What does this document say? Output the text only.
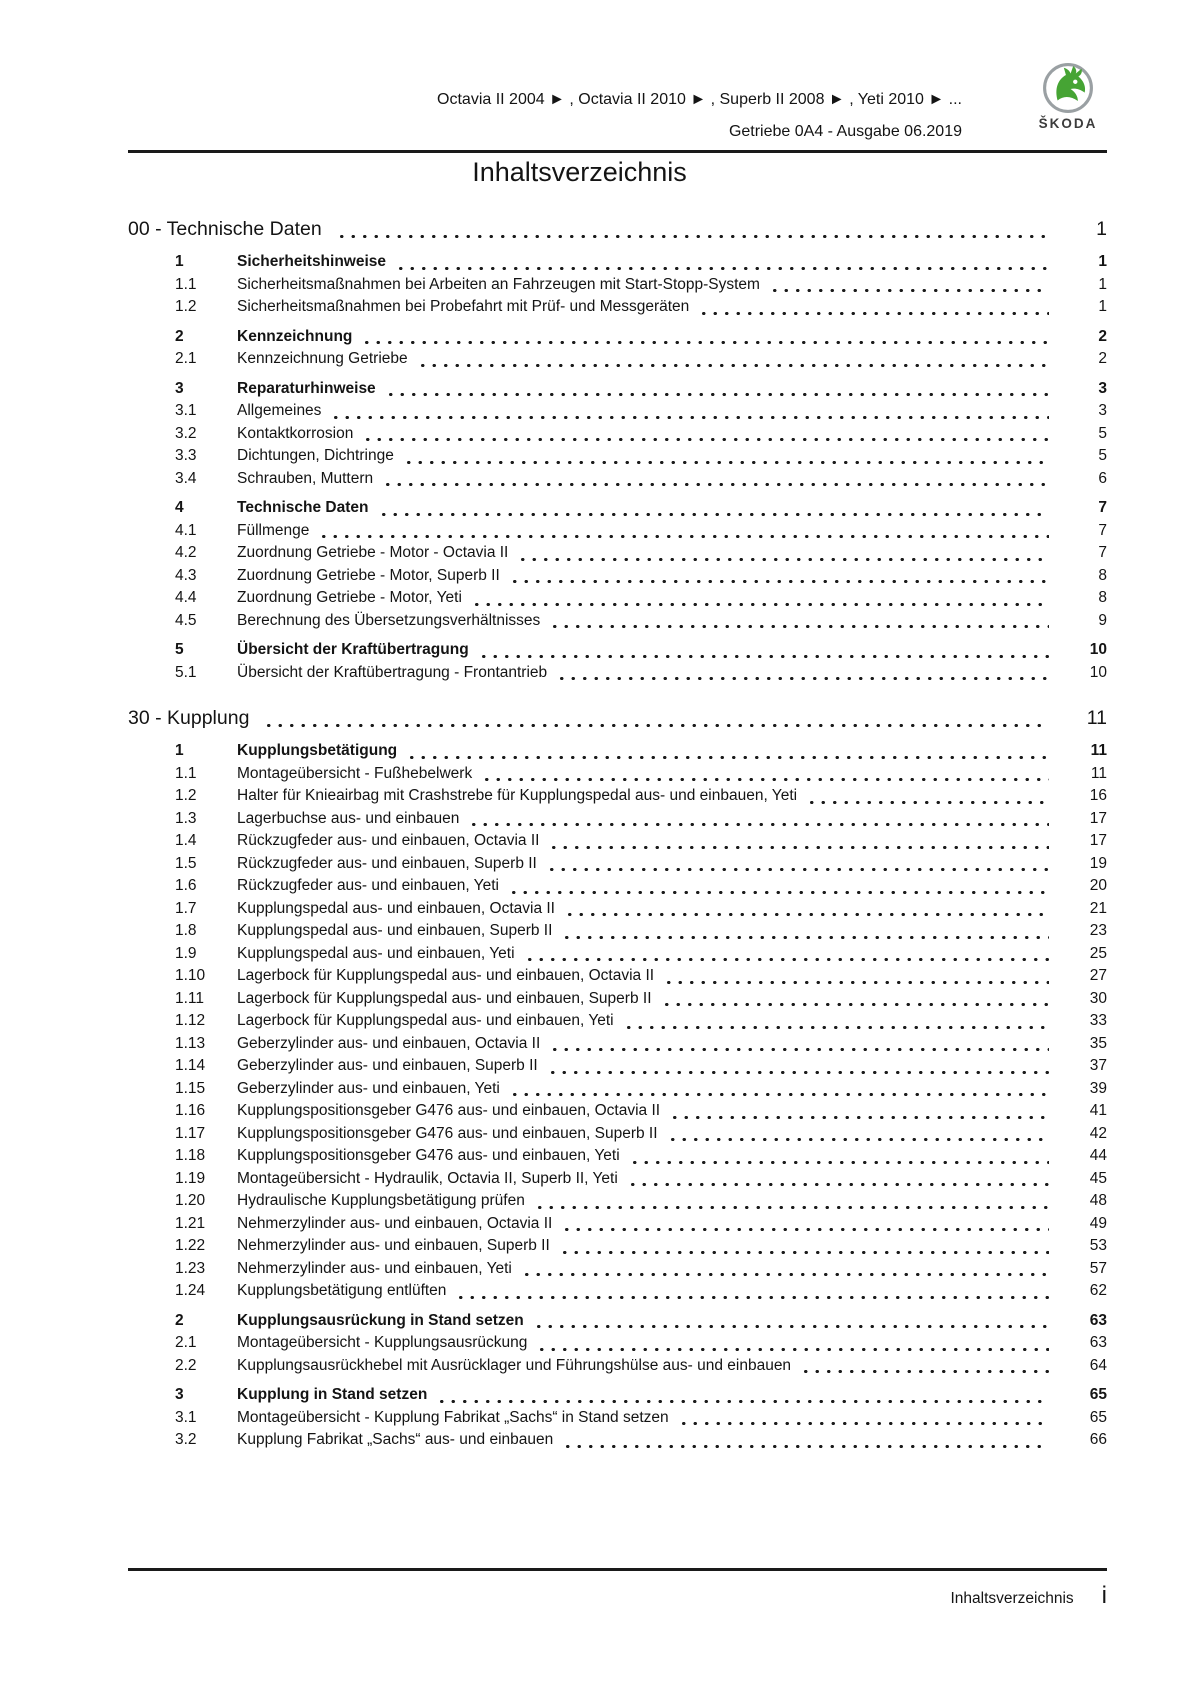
Octavia II 2004 ► , Octavia II 2010 ► , Superb II 2008 ► , Yeti 2010 ► ...
Getriebe 0A4 - Ausgabe 06.2019	ŠKODA
Inhaltsverzeichnis
00 - Technische Daten	1
1	Sicherheitshinweise	1
1.1	Sicherheitsmaßnahmen bei Arbeiten an Fahrzeugen mit Start-Stopp-System	1
1.2	Sicherheitsmaßnahmen bei Probefahrt mit Prüf- und Messgeräten	1
2	Kennzeichnung	2
2.1	Kennzeichnung Getriebe	2
3	Reparaturhinweise	3
3.1	Allgemeines	3
3.2	Kontaktkorrosion	5
3.3	Dichtungen, Dichtringe	5
3.4	Schrauben, Muttern	6
4	Technische Daten	7
4.1	Füllmenge	7
4.2	Zuordnung Getriebe - Motor - Octavia II	7
4.3	Zuordnung Getriebe - Motor, Superb II	8
4.4	Zuordnung Getriebe - Motor, Yeti	8
4.5	Berechnung des Übersetzungsverhältnisses	9
5	Übersicht der Kraftübertragung	10
5.1	Übersicht der Kraftübertragung - Frontantrieb	10
30 - Kupplung	11
1	Kupplungsbetätigung	11
1.1	Montageübersicht - Fußhebelwerk	11
1.2	Halter für Knieairbag mit Crashstrebe für Kupplungspedal aus- und einbauen, Yeti	16
1.3	Lagerbuchse aus- und einbauen	17
1.4	Rückzugfeder aus- und einbauen, Octavia II	17
1.5	Rückzugfeder aus- und einbauen, Superb II	19
1.6	Rückzugfeder aus- und einbauen, Yeti	20
1.7	Kupplungspedal aus- und einbauen, Octavia II	21
1.8	Kupplungspedal aus- und einbauen, Superb II	23
1.9	Kupplungspedal aus- und einbauen, Yeti	25
1.10	Lagerbock für Kupplungspedal aus- und einbauen, Octavia II	27
1.11	Lagerbock für Kupplungspedal aus- und einbauen, Superb II	30
1.12	Lagerbock für Kupplungspedal aus- und einbauen, Yeti	33
1.13	Geberzylinder aus- und einbauen, Octavia II	35
1.14	Geberzylinder aus- und einbauen, Superb II	37
1.15	Geberzylinder aus- und einbauen, Yeti	39
1.16	Kupplungspositionsgeber G476 aus- und einbauen, Octavia II	41
1.17	Kupplungspositionsgeber G476 aus- und einbauen, Superb II	42
1.18	Kupplungspositionsgeber G476 aus- und einbauen, Yeti	44
1.19	Montageübersicht - Hydraulik, Octavia II, Superb II, Yeti	45
1.20	Hydraulische Kupplungsbetätigung prüfen	48
1.21	Nehmerzylinder aus- und einbauen, Octavia II	49
1.22	Nehmerzylinder aus- und einbauen, Superb II	53
1.23	Nehmerzylinder aus- und einbauen, Yeti	57
1.24	Kupplungsbetätigung entlüften	62
2	Kupplungsausrückung in Stand setzen	63
2.1	Montageübersicht - Kupplungsausrückung	63
2.2	Kupplungsausrückhebel mit Ausrücklager und Führungshülse aus- und einbauen	64
3	Kupplung in Stand setzen	65
3.1	Montageübersicht - Kupplung Fabrikat „Sachs“ in Stand setzen	65
3.2	Kupplung Fabrikat „Sachs“ aus- und einbauen	66
Inhaltsverzeichnis i
